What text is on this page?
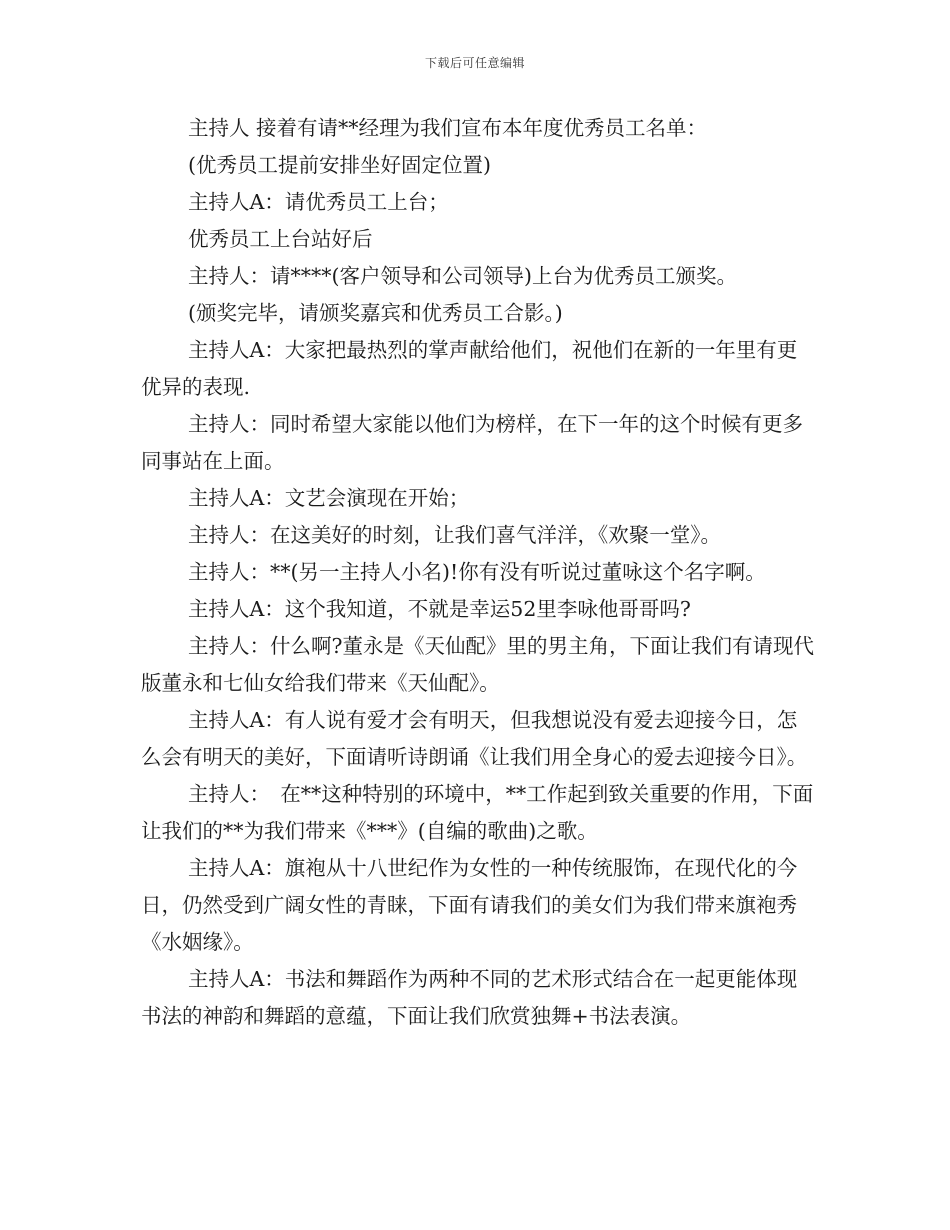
下载后可任意编辑

主持人 接着有请**经理为我们宣布本年度优秀员工名单：

(优秀员工提前安排坐好固定位置)

主持人A：请优秀员工上台；

优秀员工上台站好后

主持人：请****(客户领导和公司领导)上台为优秀员工颁奖。

(颁奖完毕，请颁奖嘉宾和优秀员工合影。)

主持人A：大家把最热烈的掌声献给他们，祝他们在新的一年里有更优异的表现.

主持人：同时希望大家能以他们为榜样，在下一年的这个时候有更多同事站在上面。

主持人A：文艺会演现在开始；

主持人：在这美好的时刻，让我们喜气洋洋，《欢聚一堂》。

主持人：**(另一主持人小名)!你有没有听说过董咏这个名字啊。

主持人A：这个我知道，不就是幸运52里李咏他哥哥吗?

主持人：什么啊?董永是《天仙配》里的男主角，下面让我们有请现代版董永和七仙女给我们带来《天仙配》。

主持人A：有人说有爱才会有明天，但我想说没有爱去迎接今日，怎么会有明天的美好，下面请听诗朗诵《让我们用全身心的爱去迎接今日》。

主持人：　在**这种特别的环境中，**工作起到致关重要的作用，下面让我们的**为我们带来《***》(自编的歌曲)之歌。

主持人A：旗袍从十八世纪作为女性的一种传统服饰，在现代化的今日，仍然受到广阔女性的青睐，下面有请我们的美女们为我们带来旗袍秀《水姻缘》。

主持人A：书法和舞蹈作为两种不同的艺术形式结合在一起更能体现书法的神韵和舞蹈的意蕴，下面让我们欣赏独舞+书法表演。
